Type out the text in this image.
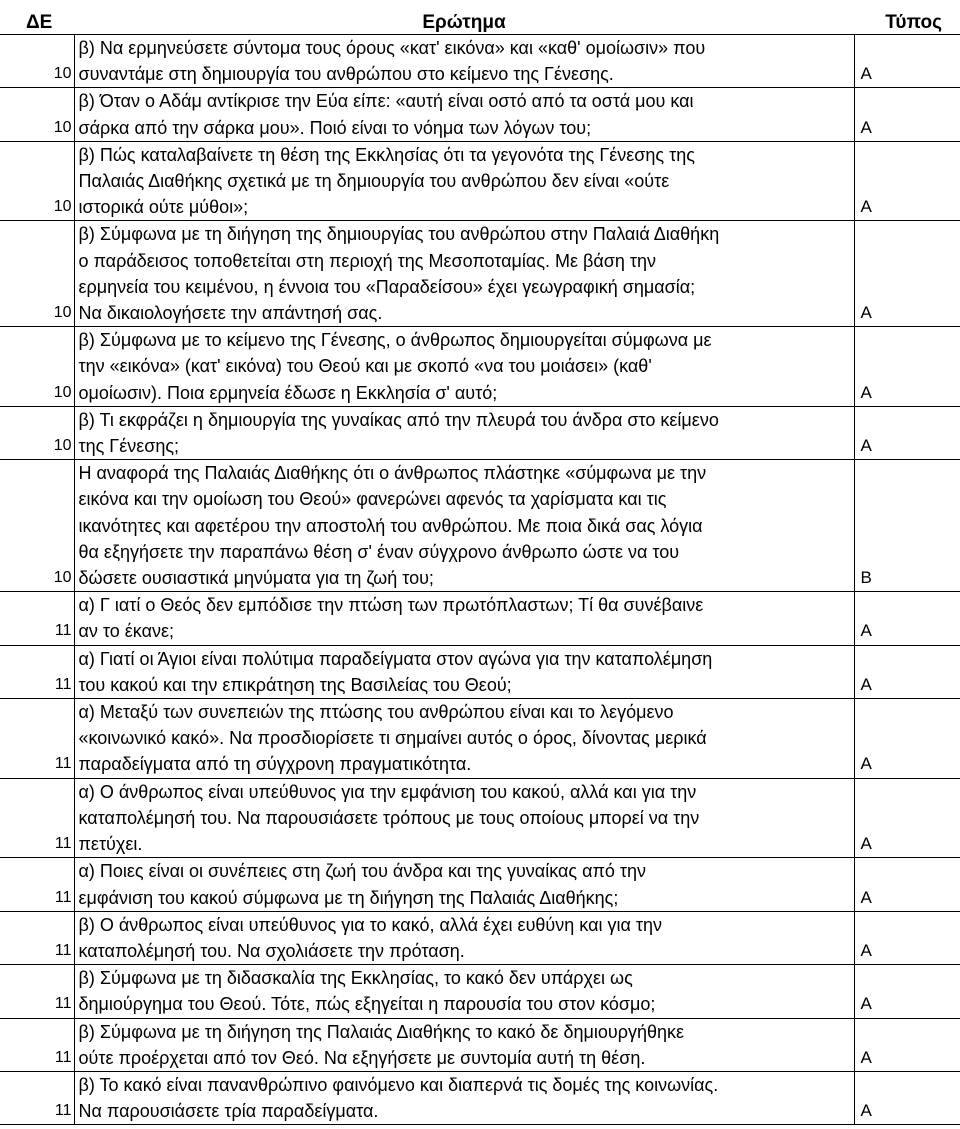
ΔΕ	Ερώτημα	Τύπος
10	β) Να ερμηνεύσετε σύντομα τους όρους «κατ' εικόνα» και «καθ' ομοίωσιν» που
συναντάμε στη δημιουργία του ανθρώπου στο κείμενο της Γένεσης.	Α
10	β) Όταν ο Αδάμ αντίκρισε την Εύα είπε: «αυτή είναι οστό από τα οστά μου και
σάρκα από την σάρκα μου». Ποιό είναι το νόημα των λόγων του;	Α
10	β) Πώς καταλαβαίνετε τη θέση της Εκκλησίας ότι τα γεγονότα της Γένεσης της
Παλαιάς Διαθήκης σχετικά με τη δημιουργία του ανθρώπου δεν είναι «ούτε
ιστορικά ούτε μύθοι»;	Α
10	β) Σύμφωνα με τη διήγηση της δημιουργίας του ανθρώπου στην Παλαιά Διαθήκη
ο παράδεισος τοποθετείται στη περιοχή της Μεσοποταμίας. Με βάση την
ερμηνεία του κειμένου, η έννοια του «Παραδείσου» έχει γεωγραφική σημασία;
Να δικαιολογήσετε την απάντησή σας.	Α
10	β) Σύμφωνα με το κείμενο της Γένεσης, ο άνθρωπος δημιουργείται σύμφωνα με
την «εικόνα» (κατ' εικόνα) του Θεού και με σκοπό «να του μοιάσει» (καθ'
ομοίωσιν). Ποια ερμηνεία έδωσε η Εκκλησία σ' αυτό;	Α
10	β) Τι εκφράζει η δημιουργία της γυναίκας από την πλευρά του άνδρα στο κείμενο
της Γένεσης;	Α
10	Η αναφορά της Παλαιάς Διαθήκης ότι ο άνθρωπος πλάστηκε «σύμφωνα με την
εικόνα και την ομοίωση του Θεού» φανερώνει αφενός τα χαρίσματα και τις
ικανότητες και αφετέρου την αποστολή του ανθρώπου. Με ποια δικά σας λόγια
θα εξηγήσετε την παραπάνω θέση σ' έναν σύγχρονο άνθρωπο ώστε να του
δώσετε ουσιαστικά μηνύματα για τη ζωή του;	Β
11	α) Γ ιατί ο Θεός δεν εμπόδισε την πτώση των πρωτόπλαστων; Τί θα συνέβαινε
αν το έκανε;	Α
11	α) Γιατί οι Άγιοι είναι πολύτιμα παραδείγματα στον αγώνα για την καταπολέμηση
του κακού και την επικράτηση της Βασιλείας του Θεού;	Α
11	α) Μεταξύ των συνεπειών της πτώσης του ανθρώπου είναι και το λεγόμενο
«κοινωνικό κακό». Να προσδιορίσετε τι σημαίνει αυτός ο όρος, δίνοντας μερικά
παραδείγματα από τη σύγχρονη πραγματικότητα.	Α
11	α) Ο άνθρωπος είναι υπεύθυνος για την εμφάνιση του κακού, αλλά και για την
καταπολέμησή του. Να παρουσιάσετε τρόπους με τους οποίους μπορεί να την
πετύχει.	Α
11	α) Ποιες είναι οι συνέπειες στη ζωή του άνδρα και της γυναίκας από την
εμφάνιση του κακού σύμφωνα με τη διήγηση της Παλαιάς Διαθήκης;	Α
11	β) Ο άνθρωπος είναι υπεύθυνος για το κακό, αλλά έχει ευθύνη και για την
καταπολέμησή του. Να σχολιάσετε την πρόταση.	Α
11	β) Σύμφωνα με τη διδασκαλία της Εκκλησίας, το κακό δεν υπάρχει ως
δημιούργημα του Θεού. Τότε, πώς εξηγείται η παρουσία του στον κόσμο;	Α
11	β) Σύμφωνα με τη διήγηση της Παλαιάς Διαθήκης το κακό δε δημιουργήθηκε
ούτε προέρχεται από τον Θεό. Να εξηγήσετε με συντομία αυτή τη θέση.	Α
11	β) Το κακό είναι πανανθρώπινο φαινόμενο και διαπερνά τις δομές της κοινωνίας.
Να παρουσιάσετε τρία παραδείγματα.	Α
